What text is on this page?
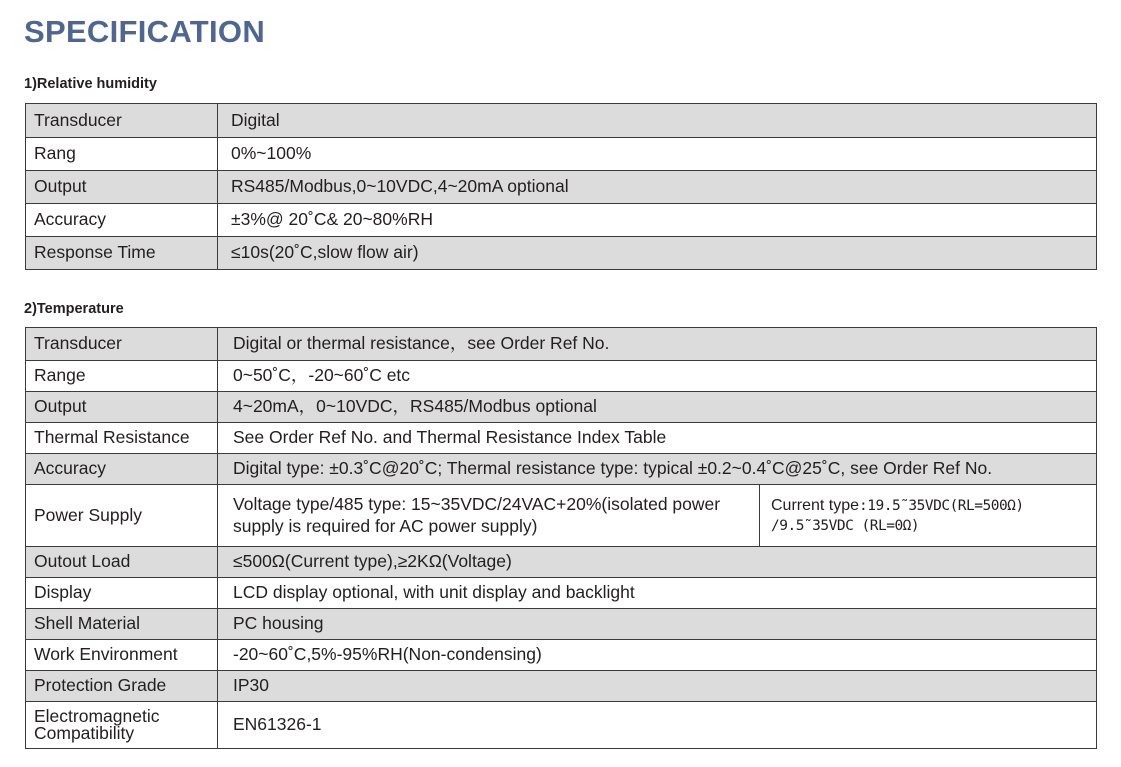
SPECIFICATION
1)Relative humidity
Transducer	Digital
Rang	0%~100%
Output	RS485/Modbus,0~10VDC,4~20mA optional
Accuracy	±3%@ 20˚C& 20~80%RH
Response Time	≤10s(20˚C,slow flow air)
2)Temperature
Transducer	Digital or thermal resistance，see Order Ref No.	
Range	0~50˚C，-20~60˚C etc	
Output	4~20mA，0~10VDC，RS485/Modbus optional	
Thermal Resistance	See Order Ref No. and Thermal Resistance Index Table	
Accuracy	Digital type: ±0.3˚C@20˚C; Thermal resistance type: typical ±0.2~0.4˚C@25˚C, see Order Ref No.	
Power Supply	Voltage type/485 type: 15~35VDC/24VAC+20%(isolated power supply is required for AC power supply)	Current type:19.5˜35VDC(RL=500Ω) /9.5˜35VDC (RL=0Ω)
Outout Load	≤500Ω(Current type),≥2KΩ(Voltage)	
Display	LCD display optional, with unit display and backlight	
Shell Material	PC housing	
Work Environment	-20~60˚C,5%-95%RH(Non-condensing)	
Protection Grade	IP30	
Electromagnetic Compatibility	EN61326-1	
